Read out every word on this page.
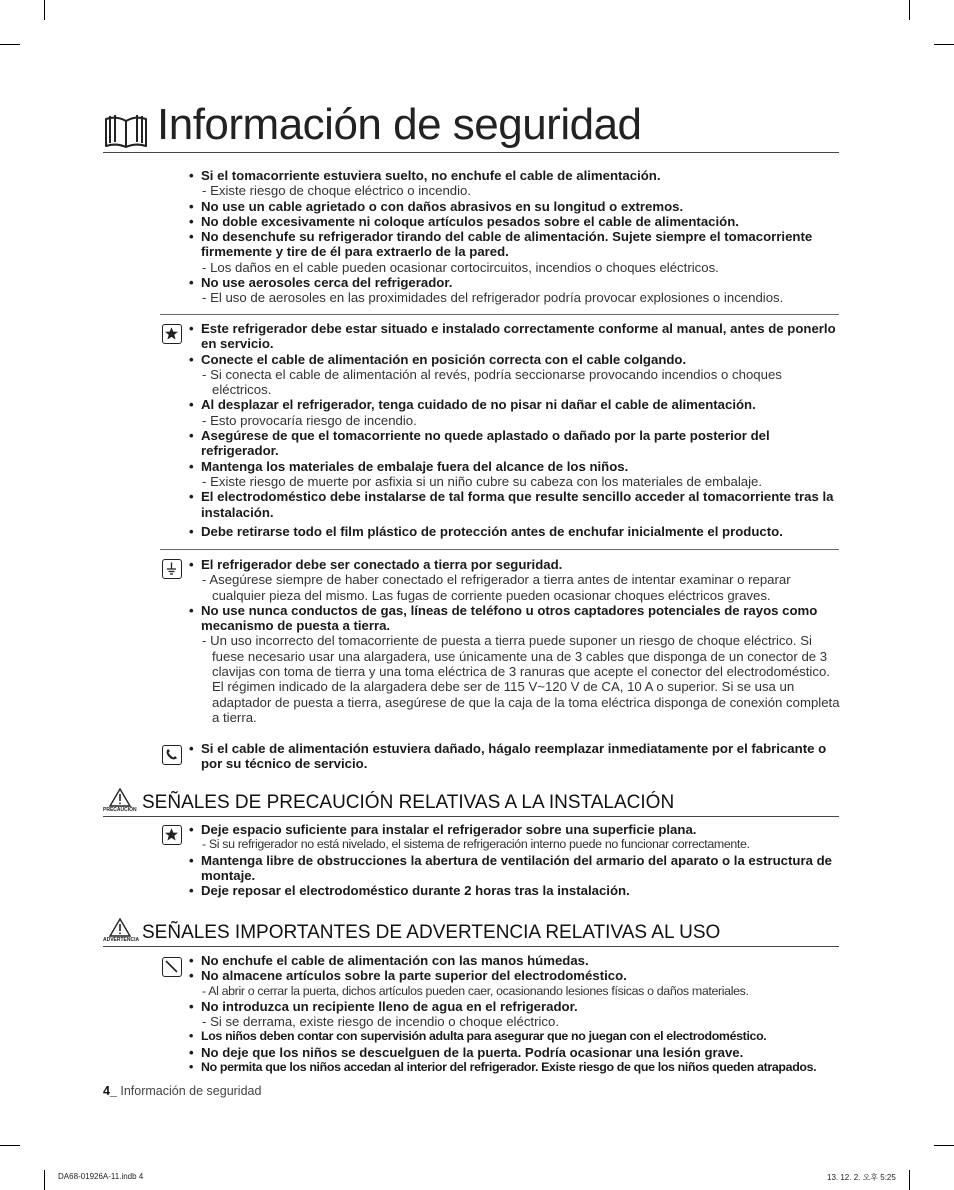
Información de seguridad
• Si el tomacorriente estuviera suelto, no enchufe el cable de alimentación.
- Existe riesgo de choque eléctrico o incendio.
• No use un cable agrietado o con daños abrasivos en su longitud o extremos.
• No doble excesivamente ni coloque artículos pesados sobre el cable de alimentación.
• No desenchufe su refrigerador tirando del cable de alimentación. Sujete siempre el tomacorriente firmemente y tire de él para extraerlo de la pared.
- Los daños en el cable pueden ocasionar cortocircuitos, incendios o choques eléctricos.
• No use aerosoles cerca del refrigerador.
- El uso de aerosoles en las proximidades del refrigerador podría provocar explosiones o incendios.
• Este refrigerador debe estar situado e instalado correctamente conforme al manual, antes de ponerlo en servicio.
• Conecte el cable de alimentación en posición correcta con el cable colgando.
- Si conecta el cable de alimentación al revés, podría seccionarse provocando incendios o choques eléctricos.
• Al desplazar el refrigerador, tenga cuidado de no pisar ni dañar el cable de alimentación.
- Esto provocaría riesgo de incendio.
• Asegúrese de que el tomacorriente no quede aplastado o dañado por la parte posterior del refrigerador.
• Mantenga los materiales de embalaje fuera del alcance de los niños.
- Existe riesgo de muerte por asfixia si un niño cubre su cabeza con los materiales de embalaje.
• El electrodoméstico debe instalarse de tal forma que resulte sencillo acceder al tomacorriente tras la instalación.
• Debe retirarse todo el film plástico de protección antes de enchufar inicialmente el producto.
• El refrigerador debe ser conectado a tierra por seguridad.
- Asegúrese siempre de haber conectado el refrigerador a tierra antes de intentar examinar o reparar cualquier pieza del mismo. Las fugas de corriente pueden ocasionar choques eléctricos graves.
• No use nunca conductos de gas, líneas de teléfono u otros captadores potenciales de rayos como mecanismo de puesta a tierra.
- Un uso incorrecto del tomacorriente de puesta a tierra puede suponer un riesgo de choque eléctrico. Si fuese necesario usar una alargadera, use únicamente una de 3 cables que disponga de un conector de 3 clavijas con toma de tierra y una toma eléctrica de 3 ranuras que acepte el conector del electrodoméstico. El régimen indicado de la alargadera debe ser de 115 V~120 V de CA, 10 A o superior. Si se usa un adaptador de puesta a tierra, asegúrese de que la caja de la toma eléctrica disponga de conexión completa a tierra.
• Si el cable de alimentación estuviera dañado, hágalo reemplazar inmediatamente por el fabricante o por su técnico de servicio.
PRECAUCIÓN SEÑALES DE PRECAUCIÓN RELATIVAS A LA INSTALACIÓN
• Deje espacio suficiente para instalar el refrigerador sobre una superficie plana.
- Si su refrigerador no está nivelado, el sistema de refrigeración interno puede no funcionar correctamente.
• Mantenga libre de obstrucciones la abertura de ventilación del armario del aparato o la estructura de montaje.
• Deje reposar el electrodoméstico durante 2 horas tras la instalación.
ADVERTENCIA SEÑALES IMPORTANTES DE ADVERTENCIA RELATIVAS AL USO
• No enchufe el cable de alimentación con las manos húmedas.
• No almacene artículos sobre la parte superior del electrodoméstico.
- Al abrir o cerrar la puerta, dichos artículos pueden caer, ocasionando lesiones físicas o daños materiales.
• No introduzca un recipiente lleno de agua en el refrigerador.
- Si se derrama, existe riesgo de incendio o choque eléctrico.
• Los niños deben contar con supervisión adulta para asegurar que no juegan con el electrodoméstico.
• No deje que los niños se descuelguen de la puerta. Podría ocasionar una lesión grave.
• No permita que los niños accedan al interior del refrigerador. Existe riesgo de que los niños queden atrapados.
4_ Información de seguridad
DA68-01926A-11.indb 4	13. 12. 2. 오후 5:25
